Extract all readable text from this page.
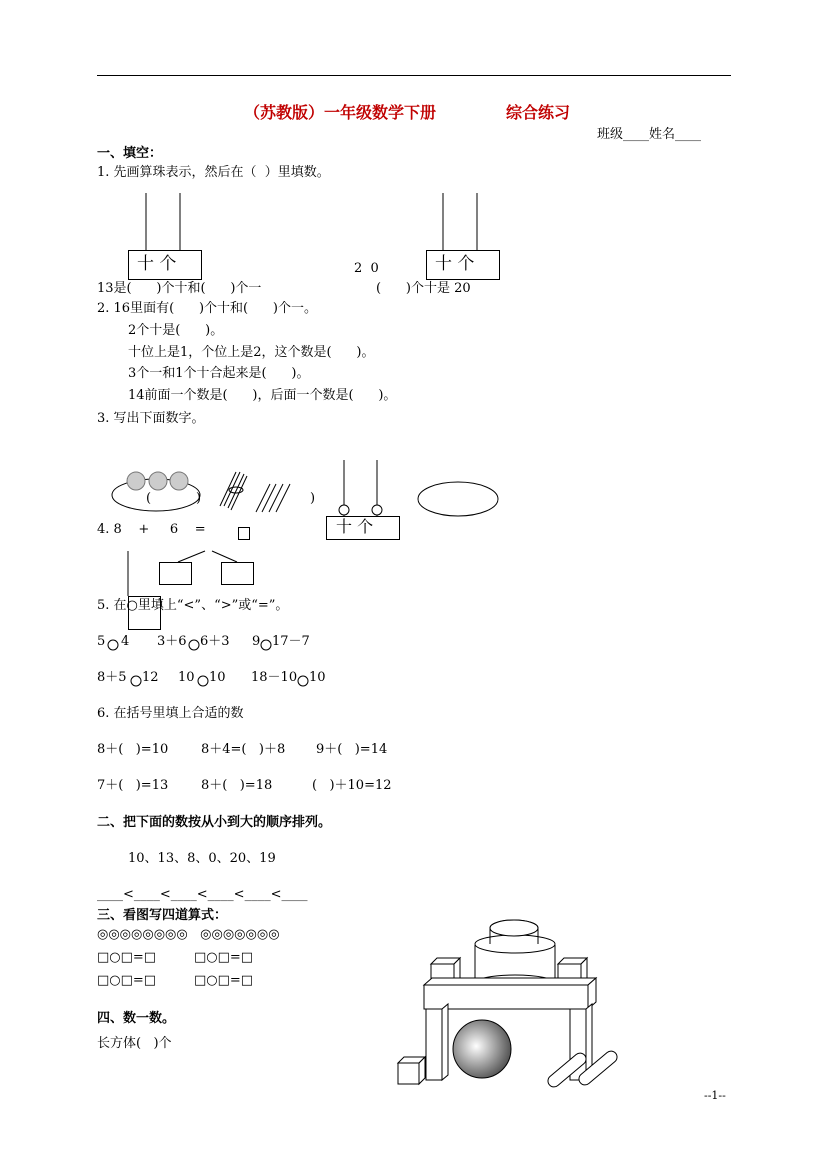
（苏教版）一年级数学下册	综合练习
班级____姓名____
一、填空：
1. 先画算珠表示，然后在（  ）里填数。
十 个	十 个
2  0
13是(      )个十和(      )个一	(      )个十是 20
2. 16里面有(      )个十和(      )个一。
2个十是(      )。
十位上是1，个位上是2，这个数是(      )。
3个一和1个十合起来是(      )。
14前面一个数是(      )，后面一个数是(      )。
3. 写出下面数字。
(	)	)
十 个
4. 8    +     6    =
5. 在○里填上“<”、“>”或“=”。
5 4 3＋6 6＋3 9 17－7
8＋5 12 10 10 18－10 10
6. 在括号里填上合适的数
8＋(   )=10	8＋4=(   )＋8 9＋(   )=14
7＋(   )=13	8＋(   )=18	(   )＋10=12
二、把下面的数按从小到大的顺序排列。
10、13、8、0、20、19
____<____<____<____<____<____
三、看图写四道算式：
◎◎◎◎◎◎◎◎   ◎◎◎◎◎◎◎
□○□=□	□○□=□
□○□=□	□○□=□
四、数一数。
长方体(   )个
--1--
